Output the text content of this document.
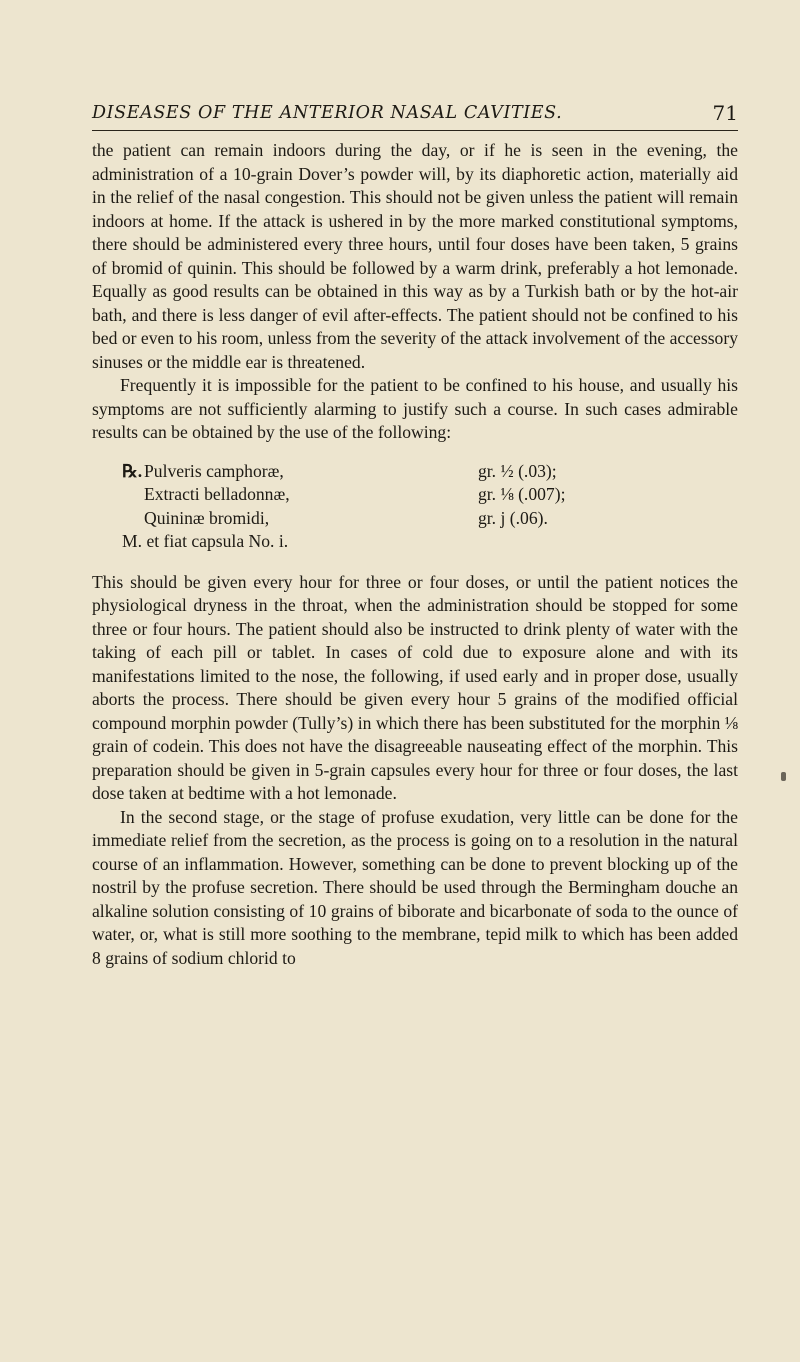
DISEASES OF THE ANTERIOR NASAL CAVITIES.	71

the patient can remain indoors during the day, or if he is seen in the evening, the administration of a 10-grain Dover’s powder will, by its diaphoretic action, materially aid in the relief of the nasal congestion. This should not be given unless the patient will remain indoors at home. If the attack is ushered in by the more marked constitutional symptoms, there should be administered every three hours, until four doses have been taken, 5 grains of bromid of quinin. This should be followed by a warm drink, preferably a hot lemonade. Equally as good results can be obtained in this way as by a Turkish bath or by the hot-air bath, and there is less danger of evil after-effects. The patient should not be confined to his bed or even to his room, unless from the severity of the attack involvement of the accessory sinuses or the middle ear is threatened.

Frequently it is impossible for the patient to be confined to his house, and usually his symptoms are not sufficiently alarming to justify such a course. In such cases admirable results can be obtained by the use of the following:

℞. Pulveris camphoræ,	gr. ½ (.03);
Extracti belladonnæ,	gr. ⅛ (.007);
Quininæ bromidi,	gr. j (.06).
M. et fiat capsula No. i.

This should be given every hour for three or four doses, or until the patient notices the physiological dryness in the throat, when the administration should be stopped for some three or four hours. The patient should also be instructed to drink plenty of water with the taking of each pill or tablet. In cases of cold due to exposure alone and with its manifestations limited to the nose, the following, if used early and in proper dose, usually aborts the process. There should be given every hour 5 grains of the modified official compound morphin powder (Tully’s) in which there has been substituted for the morphin ⅛ grain of codein. This does not have the disagreeable nauseating effect of the morphin. This preparation should be given in 5-grain capsules every hour for three or four doses, the last dose taken at bedtime with a hot lemonade.

In the second stage, or the stage of profuse exudation, very little can be done for the immediate relief from the secretion, as the process is going on to a resolution in the natural course of an inflammation. However, something can be done to prevent blocking up of the nostril by the profuse secretion. There should be used through the Bermingham douche an alkaline solution consisting of 10 grains of biborate and bicarbonate of soda to the ounce of water, or, what is still more soothing to the membrane, tepid milk to which has been added 8 grains of sodium chlorid to
